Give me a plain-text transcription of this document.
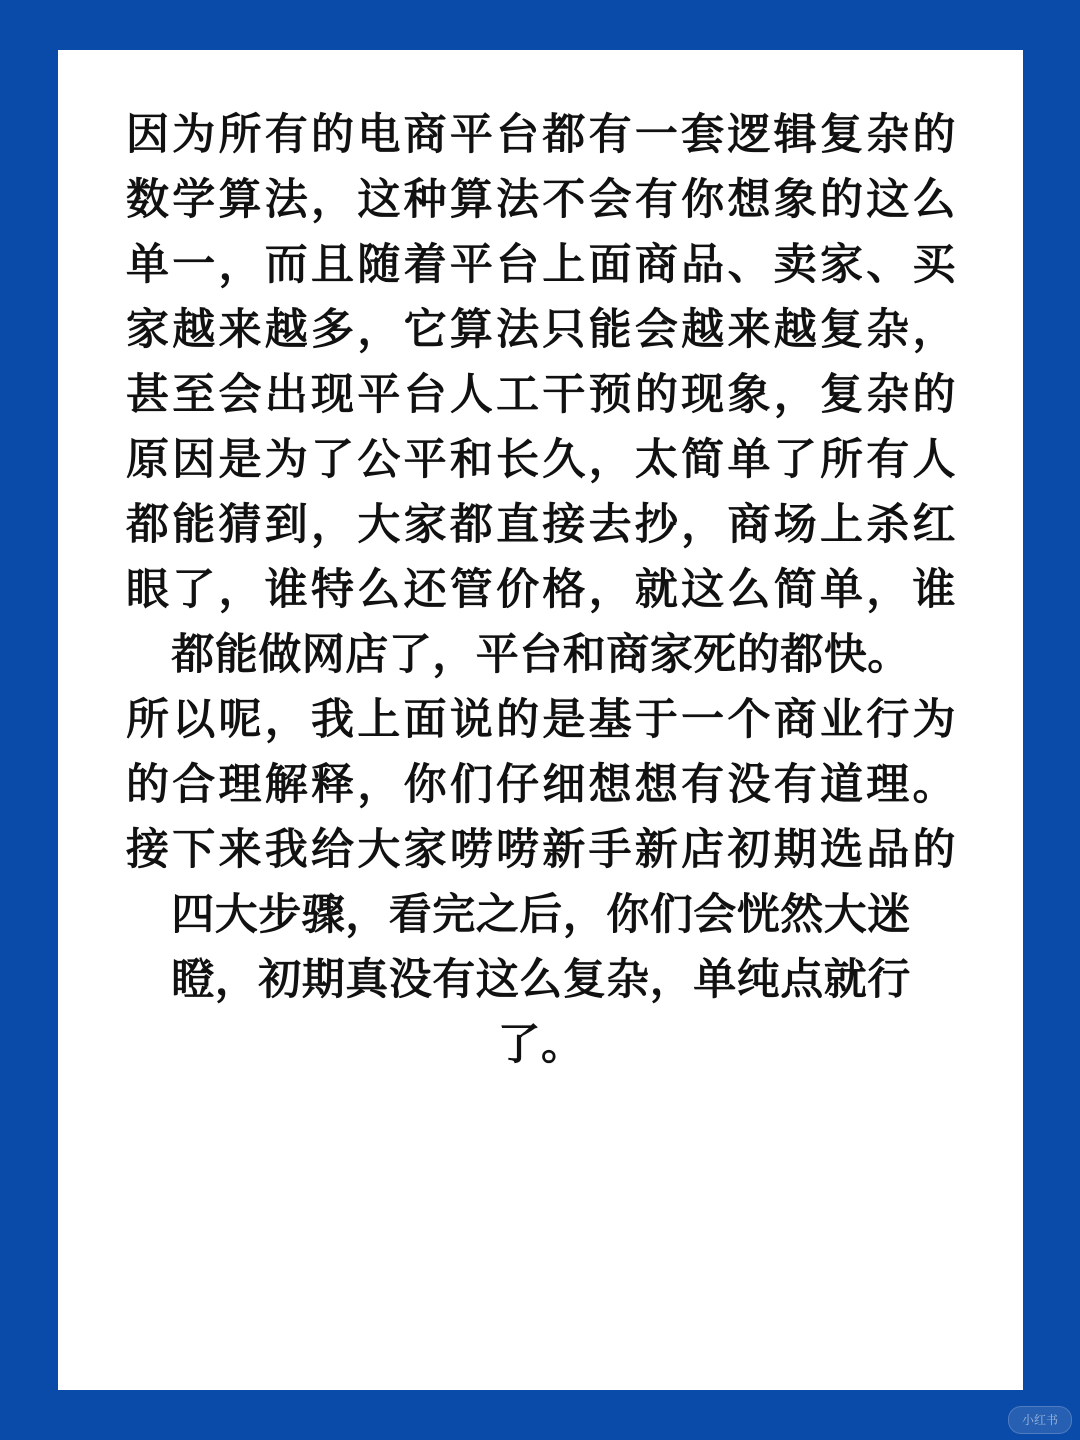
因为所有的电商平台都有一套逻辑复杂的
数学算法，这种算法不会有你想象的这么
单一，而且随着平台上面商品、卖家、买
家越来越多，它算法只能会越来越复杂，
甚至会出现平台人工干预的现象，复杂的
原因是为了公平和长久，太简单了所有人
都能猜到，大家都直接去抄，商场上杀红
眼了，谁特么还管价格，就这么简单，谁
都能做网店了，平台和商家死的都快。
所以呢，我上面说的是基于一个商业行为
的合理解释，你们仔细想想有没有道理。
接下来我给大家唠唠新手新店初期选品的
四大步骤，看完之后，你们会恍然大迷
瞪，初期真没有这么复杂，单纯点就行
了。
小红书
